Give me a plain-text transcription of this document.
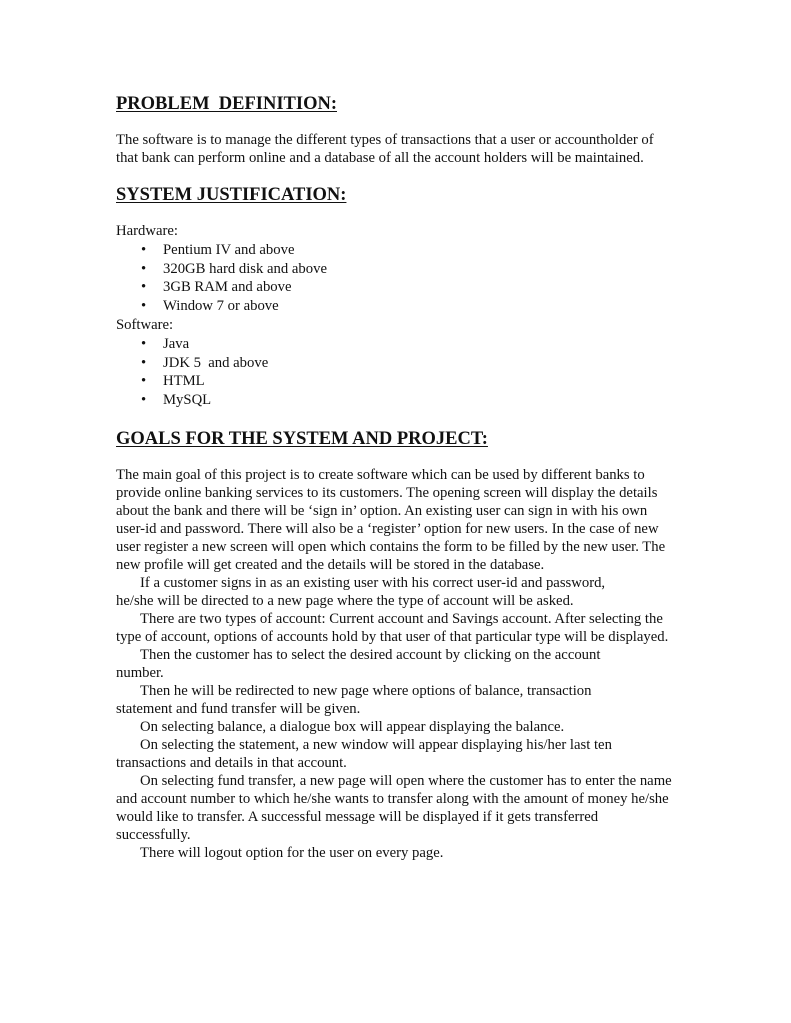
PROBLEM  DEFINITION:

The software is to manage the different types of transactions that a user or accountholder of that bank can perform online and a database of all the account holders will be maintained.

SYSTEM JUSTIFICATION:
Hardware:
• Pentium IV and above
• 320GB hard disk and above
• 3GB RAM and above
• Window 7 or above
Software:
• Java
• JDK 5  and above
• HTML
• MySQL
GOALS FOR THE SYSTEM AND PROJECT:

The main goal of this project is to create software which can be used by different banks to provide online banking services to its customers. The opening screen will display the details about the bank and there will be ‘sign in’ option. An existing user can sign in with his own user-id and password. There will also be a ‘register’ option for new users. In the case of new user register a new screen will open which contains the form to be filled by the new user. The new profile will get created and the details will be stored in the database.

If a customer signs in as an existing user with his correct user-id and password, he/she will be directed to a new page where the type of account will be asked.

There are two types of account: Current account and Savings account. After selecting the type of account, options of accounts hold by that user of that particular type will be displayed.

Then the customer has to select the desired account by clicking on the account number.

Then he will be redirected to new page where options of balance, transaction statement and fund transfer will be given.

On selecting balance, a dialogue box will appear displaying the balance.

On selecting the statement, a new window will appear displaying his/her last ten transactions and details in that account.

On selecting fund transfer, a new page will open where the customer has to enter the name and account number to which he/she wants to transfer along with the amount of money he/she would like to transfer. A successful message will be displayed if it gets transferred successfully.

There will logout option for the user on every page.
